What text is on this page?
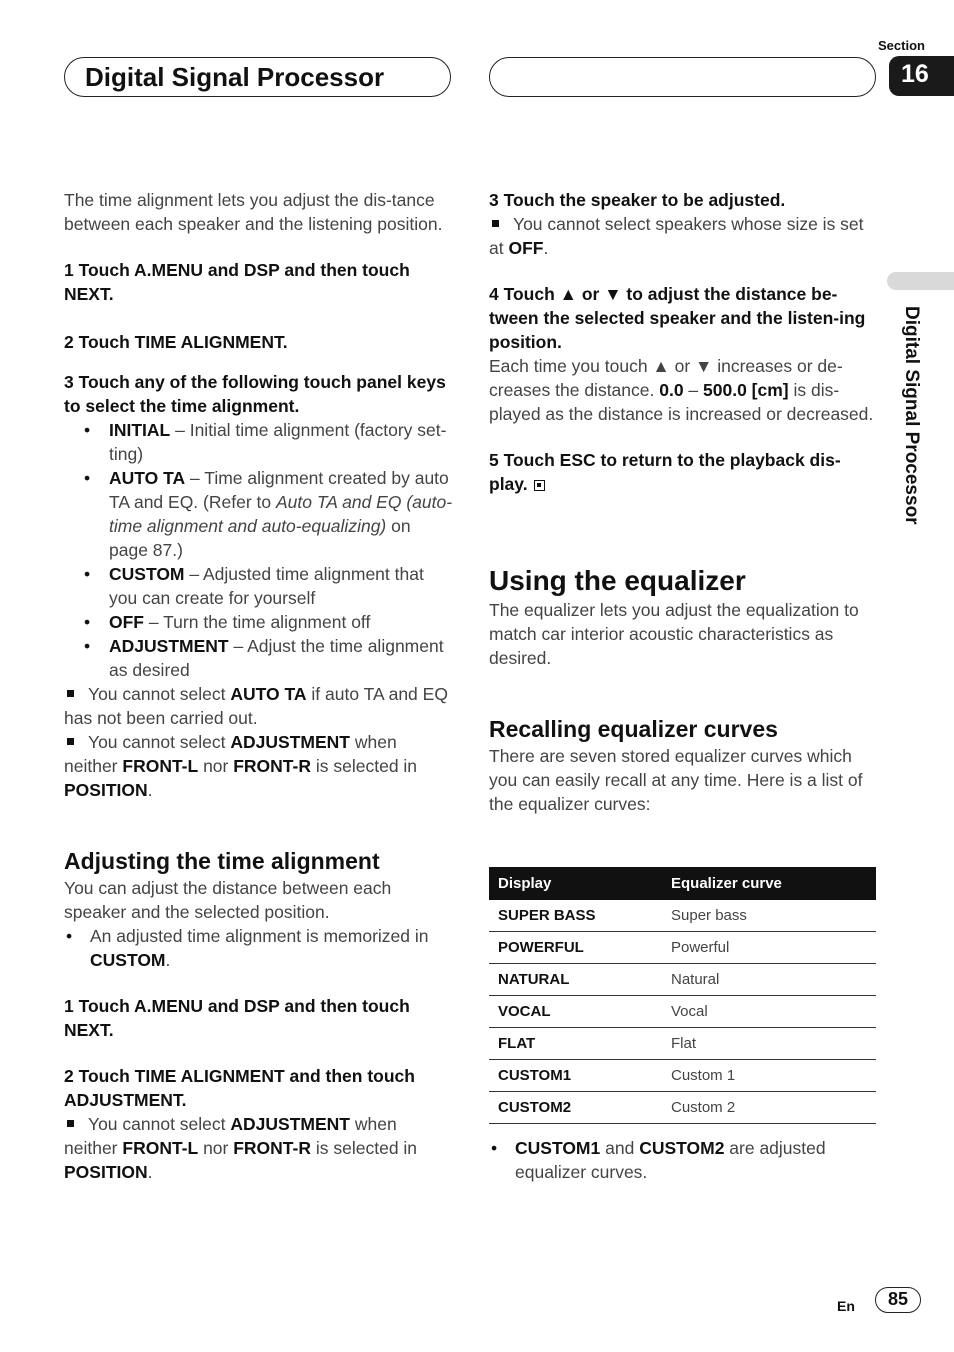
Digital Signal Processor
Section
16
Digital Signal Processor

The time alignment lets you adjust the dis-tance between each speaker and the listening position.

1 Touch A.MENU and DSP and then touch NEXT.

2 Touch TIME ALIGNMENT.

3 Touch any of the following touch panel keys to select the time alignment.

• INITIAL – Initial time alignment (factory set-ting)

• AUTO TA – Time alignment created by auto TA and EQ. (Refer to Auto TA and EQ (auto-time alignment and auto-equalizing) on page 87.)

• CUSTOM – Adjusted time alignment that you can create for yourself

• OFF – Turn the time alignment off

• ADJUSTMENT – Adjust the time alignment as desired

You cannot select AUTO TA if auto TA and EQ has not been carried out.

You cannot select ADJUSTMENT when neither FRONT-L nor FRONT-R is selected in POSITION.

Adjusting the time alignment

You can adjust the distance between each speaker and the selected position.

• An adjusted time alignment is memorized in CUSTOM.

1 Touch A.MENU and DSP and then touch NEXT.

2 Touch TIME ALIGNMENT and then touch ADJUSTMENT.

You cannot select ADJUSTMENT when neither FRONT-L nor FRONT-R is selected in POSITION.

3 Touch the speaker to be adjusted.

You cannot select speakers whose size is set at OFF.

4 Touch ▲ or ▼ to adjust the distance be-tween the selected speaker and the listen-ing position.

Each time you touch ▲ or ▼ increases or de-creases the distance. 0.0 – 500.0 [cm] is dis-played as the distance is increased or decreased.

5 Touch ESC to return to the playback dis-play.

Using the equalizer

The equalizer lets you adjust the equalization to match car interior acoustic characteristics as desired.

Recalling equalizer curves

There are seven stored equalizer curves which you can easily recall at any time. Here is a list of the equalizer curves:

Display	Equalizer curve
SUPER BASS	Super bass
POWERFUL	Powerful
NATURAL	Natural
VOCAL	Vocal
FLAT	Flat
CUSTOM1	Custom 1
CUSTOM2	Custom 2

• CUSTOM1 and CUSTOM2 are adjusted equalizer curves.

En	85
